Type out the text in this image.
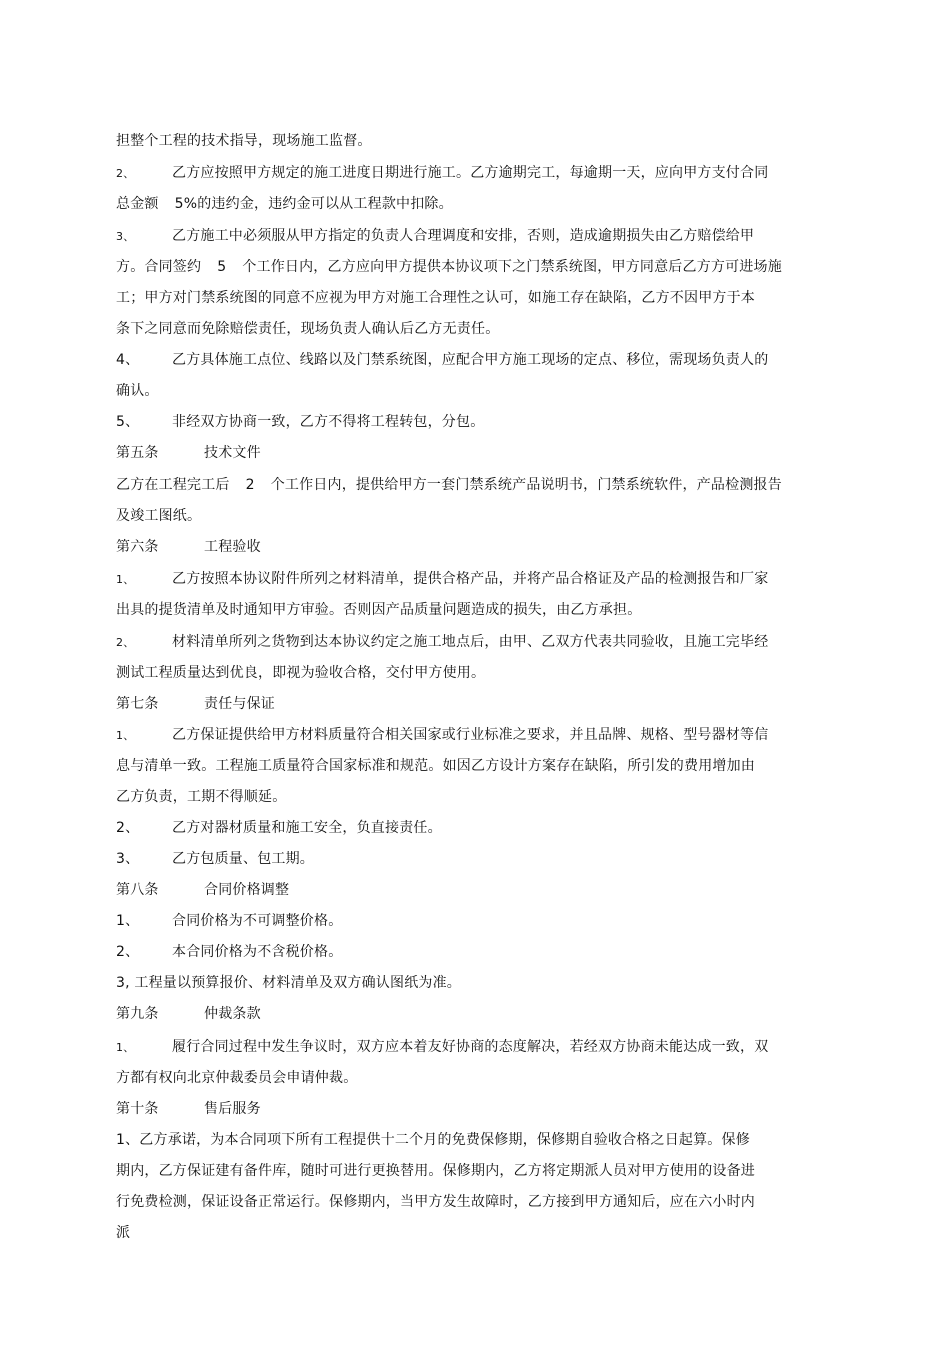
担整个工程的技术指导，现场施工监督。
2、	乙方应按照甲方规定的施工进度日期进行施工。乙方逾期完工，每逾期一天，应向甲方支付合同
总金额 5%的违约金，违约金可以从工程款中扣除。
3、	乙方施工中必须服从甲方指定的负责人合理调度和安排，否则，造成逾期损失由乙方赔偿给甲
方。合同签约 5 个工作日内，乙方应向甲方提供本协议项下之门禁系统图，甲方同意后乙方方可进场施
工；甲方对门禁系统图的同意不应视为甲方对施工合理性之认可，如施工存在缺陷，乙方不因甲方于本
条下之同意而免除赔偿责任，现场负责人确认后乙方无责任。
4、 乙方具体施工点位、线路以及门禁系统图，应配合甲方施工现场的定点、移位，需现场负责人的
确认。
5、 非经双方协商一致，乙方不得将工程转包，分包。
第五条	技术文件
乙方在工程完工后 2 个工作日内，提供给甲方一套门禁系统产品说明书，门禁系统软件，产品检测报告
及竣工图纸。
第六条	工程验收
1、	乙方按照本协议附件所列之材料清单，提供合格产品，并将产品合格证及产品的检测报告和厂家
出具的提货清单及时通知甲方审验。否则因产品质量问题造成的损失，由乙方承担。
2、	材料清单所列之货物到达本协议约定之施工地点后，由甲、乙双方代表共同验收，且施工完毕经
测试工程质量达到优良，即视为验收合格，交付甲方使用。
第七条	责任与保证
1、	乙方保证提供给甲方材料质量符合相关国家或行业标准之要求，并且品牌、规格、型号器材等信
息与清单一致。工程施工质量符合国家标准和规范。如因乙方设计方案存在缺陷，所引发的费用增加由
乙方负责，工期不得顺延。
2、 乙方对器材质量和施工安全，负直接责任。
3、 乙方包质量、包工期。
第八条	合同价格调整
1、 合同价格为不可调整价格。
2、 本合同价格为不含税价格。
3, 工程量以预算报价、材料清单及双方确认图纸为准。
第九条	仲裁条款
1、	履行合同过程中发生争议时，双方应本着友好协商的态度解决，若经双方协商未能达成一致，双
方都有权向北京仲裁委员会申请仲裁。
第十条	售后服务
1、乙方承诺，为本合同项下所有工程提供十二个月的免费保修期，保修期自验收合格之日起算。保修
期内，乙方保证建有备件库，随时可进行更换替用。保修期内，乙方将定期派人员对甲方使用的设备进
行免费检测，保证设备正常运行。保修期内，当甲方发生故障时，乙方接到甲方通知后，应在六小时内
派
